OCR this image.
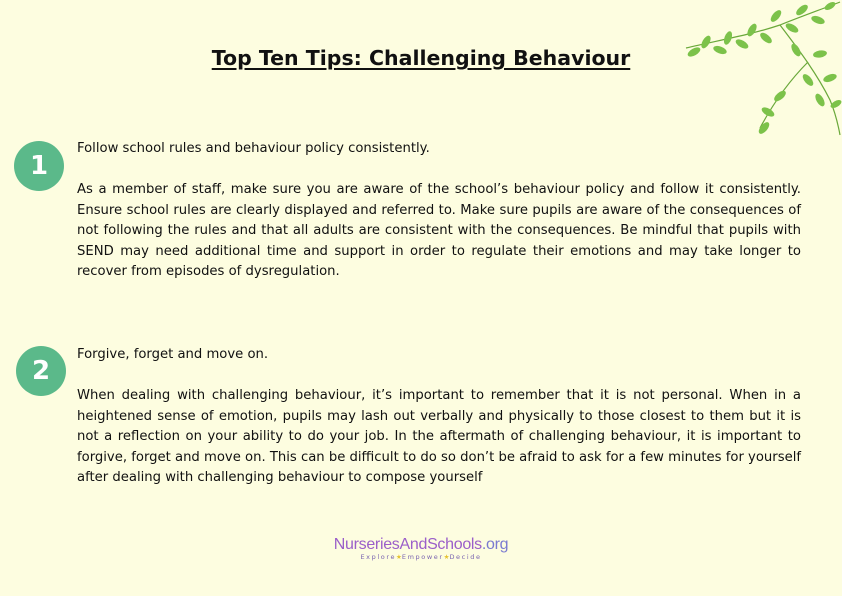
Top Ten Tips: Challenging Behaviour
1

Follow school rules and behaviour policy consistently.

As a member of staff, make sure you are aware of the school’s behaviour policy and follow it consistently. Ensure school rules are clearly displayed and referred to. Make sure pupils are aware of the consequences of not following the rules and that all adults are consistent with the consequences. Be mindful that pupils with SEND may need additional time and support in order to regulate their emotions and may take longer to recover from episodes of dysregulation.

2

Forgive, forget and move on.

When dealing with challenging behaviour, it’s important to remember that it is not personal. When in a heightened sense of emotion, pupils may lash out verbally and physically to those closest to them but it is not a reflection on your ability to do your job. In the aftermath of challenging behaviour, it is important to forgive, forget and move on. This can be difficult to do so don’t be afraid to ask for a few minutes for yourself after dealing with challenging behaviour to compose yourself

NurseriesAndSchools.org
Explore★Empower★Decide
